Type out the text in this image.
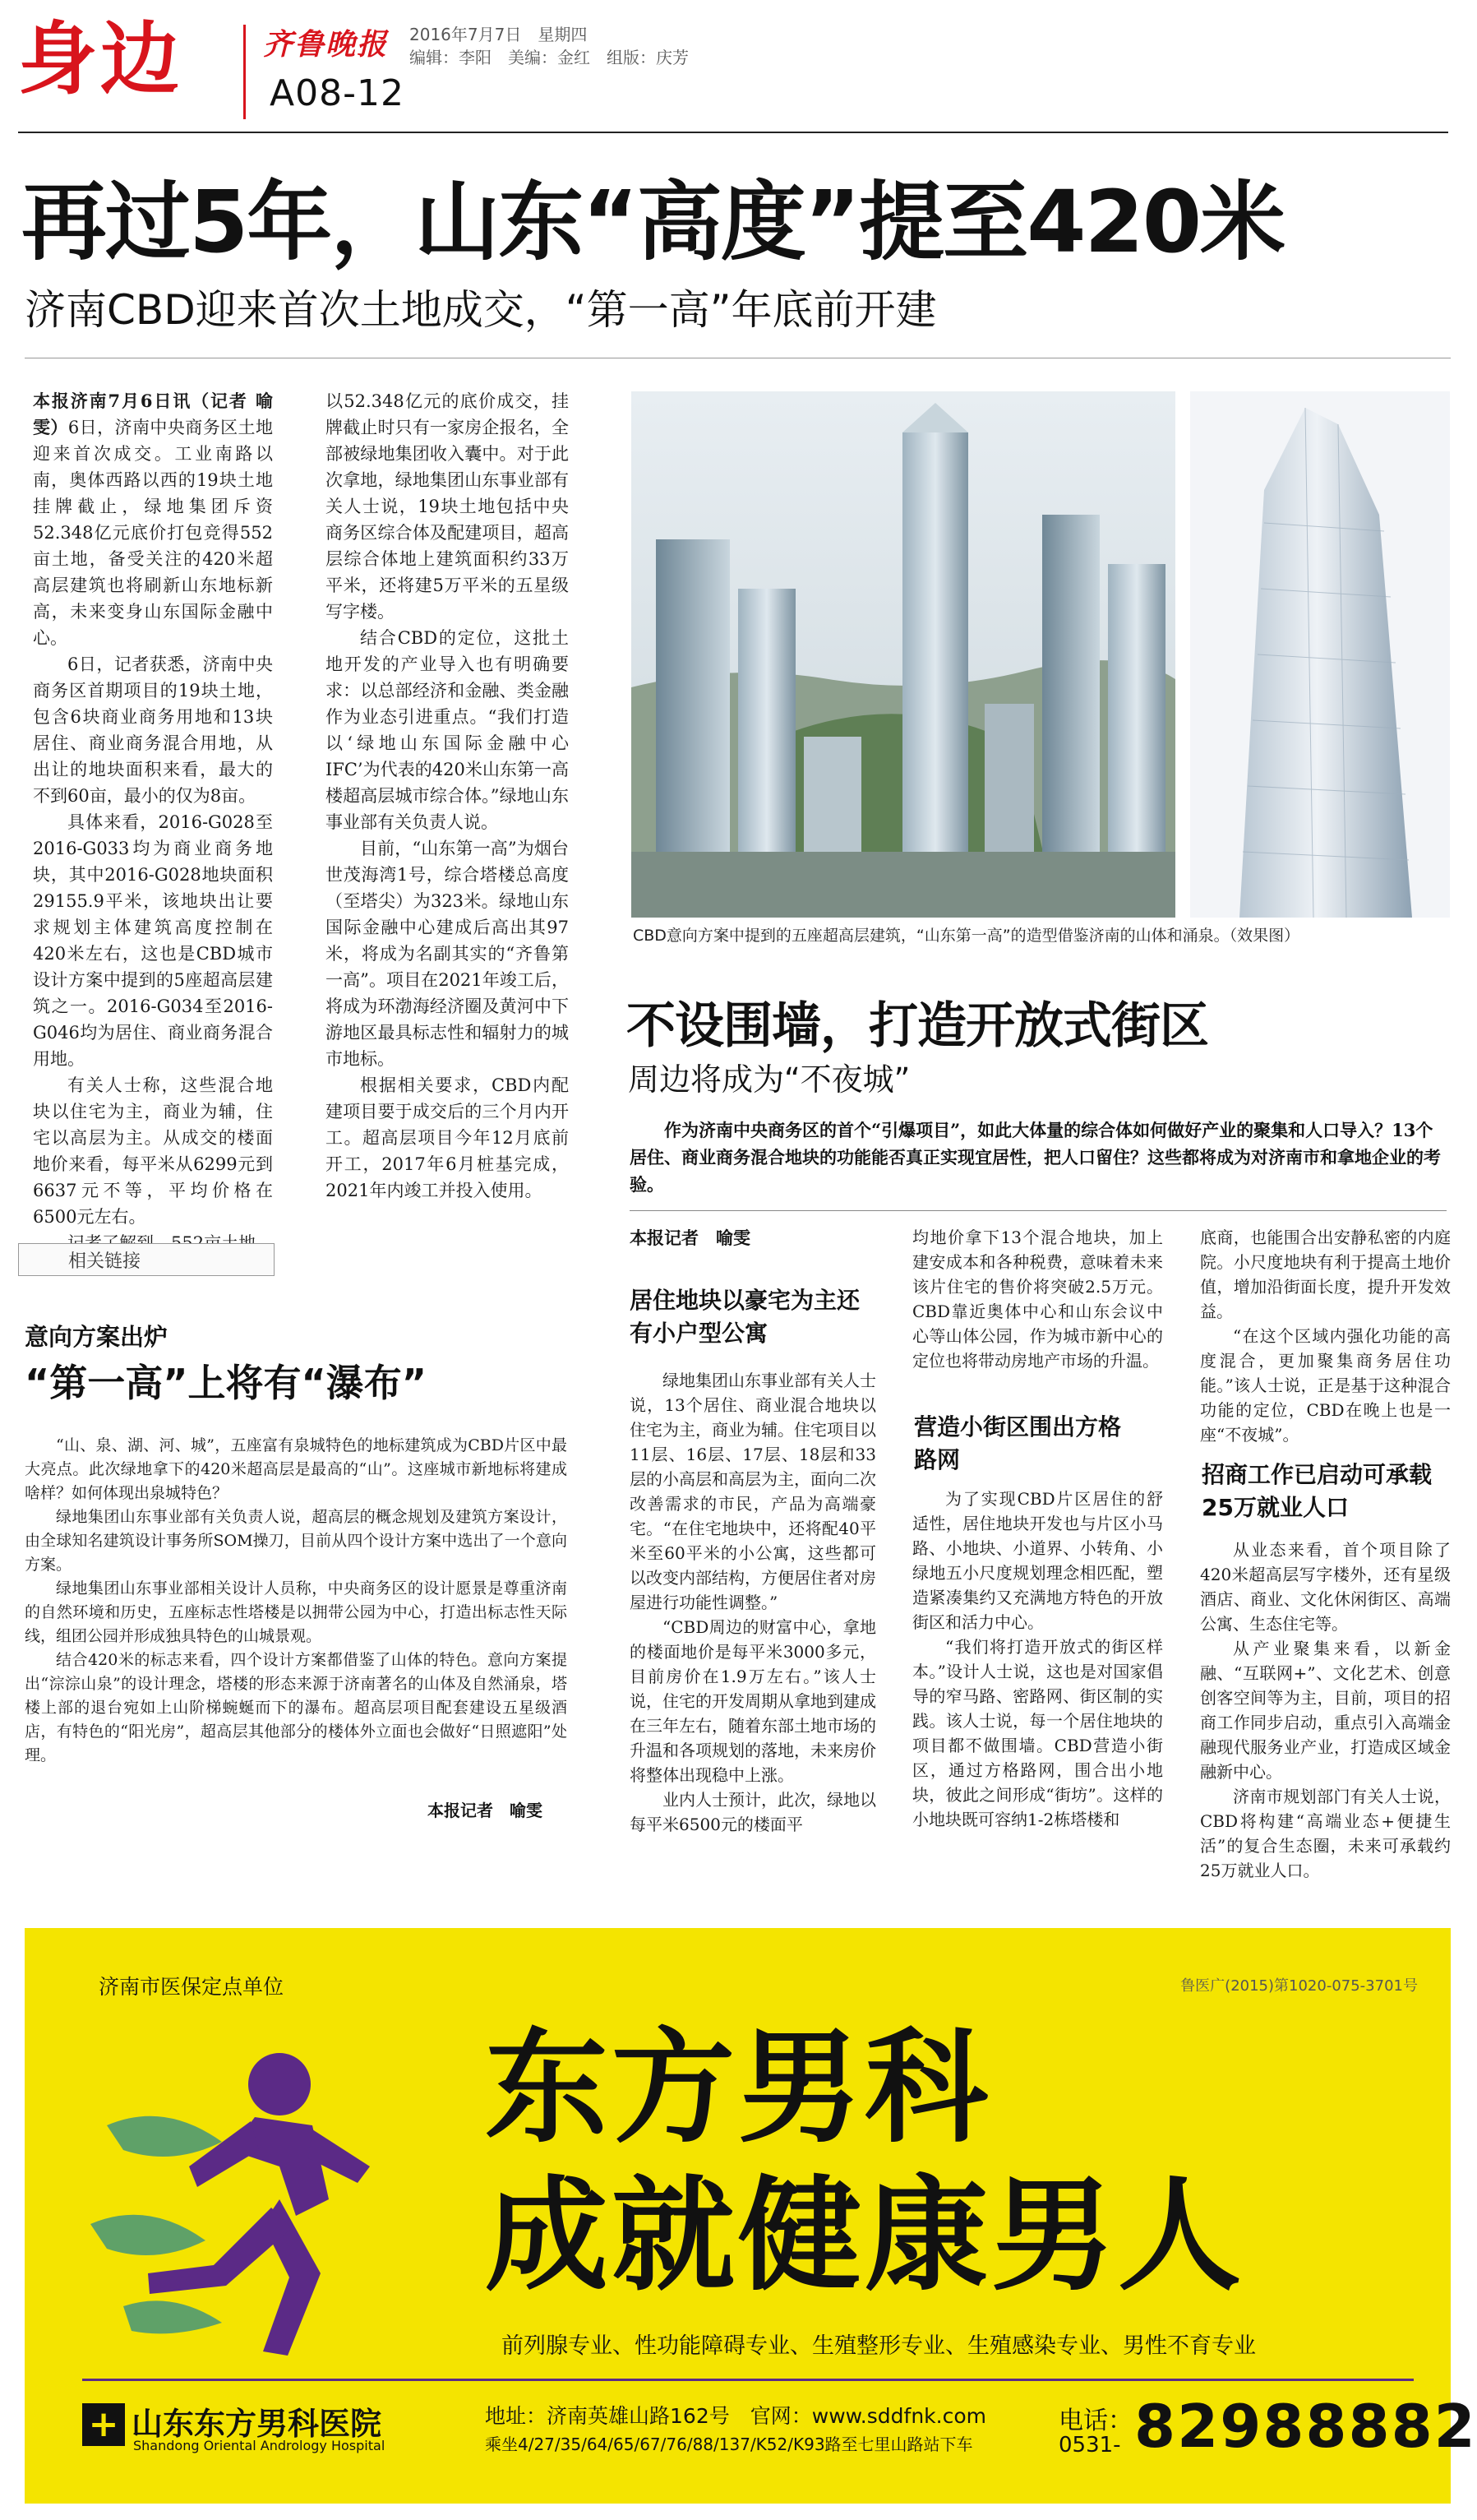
身边	齐鲁晚报
A08-12
2016年7月7日　 星期四
编辑：李阳　美编：金红　组版：庆芳
再过5年，山东“高度”提至420米
济南CBD迎来首次土地成交，“第一高”年底前开建

本报济南7月6日讯（记者 喻雯）6日，济南中央商务区土地迎来首次成交。工业南路以南，奥体西路以西的19块土地挂牌截止，绿地集团斥资52.348亿元底价打包竞得552亩土地，备受关注的420米超高层建筑也将刷新山东地标新高，未来变身山东国际金融中心。

6日，记者获悉，济南中央商务区首期项目的19块土地，包含6块商业商务用地和13块居住、商业商务混合用地，从出让的地块面积来看，最大的不到60亩，最小的仅为8亩。

具体来看，2016-G028至2016-G033均为商业商务地块，其中2016-G028地块面积29155.9平米，该地块出让要求规划主体建筑高度控制在420米左右，这也是CBD城市设计方案中提到的5座超高层建筑之一。2016-G034至2016-G046均为居住、商业商务混合用地。

有关人士称，这些混合地块以住宅为主，商业为辅，住宅以高层为主。从成交的楼面地价来看，每平米从6299元到6637元不等，平均价格在6500元左右。

以52.348亿元的底价成交，挂牌截止时只有一家房企报名，全部被绿地集团收入囊中。对于此次拿地，绿地集团山东事业部有关人士说，19块土地包括中央商务区综合体及配建项目，超高层综合体地上建筑面积约33万平米，还将建5万平米的五星级写字楼。

结合CBD的定位，这批土地开发的产业导入也有明确要求：以总部经济和金融、类金融作为业态引进重点。“我们打造以‘绿地山东国际金融中心IFC’为代表的420米山东第一高楼超高层城市综合体。”绿地山东事业部有关负责人说。

目前，“山东第一高”为烟台世茂海湾1号，综合塔楼总高度（至塔尖）为323米。绿地山东国际金融中心建成后高出其97米，将成为名副其实的“齐鲁第一高”。项目在2021年竣工后，将成为环渤海经济圈及黄河中下游地区最具标志性和辐射力的城市地标。

根据相关要求，CBD内配建项目要于成交后的三个月内开工。超高层项目今年12月底前开工，2017年6月桩基完成，2021年内竣工并投入使用。

CBD意向方案中提到的五座超高层建筑，“山东第一高”的造型借鉴济南的山体和涌泉。（效果图）
相关链接
意向方案出炉
“第一高”上将有“瀑布”

“山、泉、湖、河、城”，五座富有泉城特色的地标建筑成为CBD片区中最大亮点。此次绿地拿下的420米超高层是最高的“山”。这座城市新地标将建成啥样？如何体现出泉城特色？

绿地集团山东事业部有关负责人说，超高层的概念规划及建筑方案设计，由全球知名建筑设计事务所SOM操刀，目前从四个设计方案中选出了一个意向方案。

绿地集团山东事业部相关设计人员称，中央商务区的设计愿景是尊重济南的自然环境和历史，五座标志性塔楼是以拥带公园为中心，打造出标志性天际线，组团公园并形成独具特色的山城景观。

结合420米的标志来看，四个设计方案都借鉴了山体的特色。意向方案提出“淙淙山泉”的设计理念，塔楼的形态来源于济南著名的山体及自然涌泉，塔楼上部的退台宛如上山阶梯蜿蜒而下的瀑布。超高层项目配套建设五星级酒店，有特色的“阳光房”，超高层其他部分的楼体外立面也会做好“日照遮阳”处理。

本报记者　喻雯
不设围墙，打造开放式街区
周边将成为“不夜城”
作为济南中央商务区的首个“引爆项目”，如此大体量的综合体如何做好产业的聚集和人口导入？13个居住、商业商务混合地块的功能能否真正实现宜居性，把人口留住？这些都将成为对济南市和拿地企业的考验。
本报记者　喻雯
居住地块以豪宅为主还有小户型公寓

绿地集团山东事业部有关人士说，13个居住、商业混合地块以住宅为主，商业为辅。住宅项目以11层、16层、17层、18层和33层的小高层和高层为主，面向二次改善需求的市民，产品为高端豪宅。“在住宅地块中，还将配40平米至60平米的小公寓，这些都可以改变内部结构，方便居住者对房屋进行功能性调整。”

“CBD周边的财富中心，拿地的楼面地价是每平米3000多元，目前房价在1.9万左右。”该人士说，住宅的开发周期从拿地到建成在三年左右，随着东部土地市场的升温和各项规划的落地，未来房价将整体出现稳中上涨。

业内人士预计，此次，绿地以每平米6500元的楼面平

均地价拿下13个混合地块，加上建安成本和各种税费，意味着未来该片住宅的售价将突破2.5万元。CBD靠近奥体中心和山东会议中心等山体公园，作为城市新中心的定位也将带动房地产市场的升温。

营造小街区围出方格路网

为了实现CBD片区居住的舒适性，居住地块开发也与片区小马路、小地块、小道界、小转角、小绿地五小尺度规划理念相匹配，塑造紧凑集约又充满地方特色的开放街区和活力中心。

“我们将打造开放式的街区样本。”设计人士说，这也是对国家倡导的窄马路、密路网、街区制的实践。该人士说，每一个居住地块的项目都不做围墙。CBD营造小街区，通过方格路网，围合出小地块，彼此之间形成“街坊”。这样的小地块既可容纳1-2栋塔楼和

底商，也能围合出安静私密的内庭院。小尺度地块有利于提高土地价值，增加沿街面长度，提升开发效益。

“在这个区域内强化功能的高度混合，更加聚集商务居住功能。”该人士说，正是基于这种混合功能的定位，CBD在晚上也是一座“不夜城”。

招商工作已启动可承载25万就业人口

从业态来看，首个项目除了420米超高层写字楼外，还有星级酒店、商业、文化休闲街区、高端公寓、生态住宅等。

从产业聚集来看，以新金融、“互联网+”、文化艺术、创意创客空间等为主，目前，项目的招商工作同步启动，重点引入高端金融现代服务业产业，打造成区域金融新中心。

济南市规划部门有关人士说，CBD将构建“高端业态+便捷生活”的复合生态圈，未来可承载约25万就业人口。

济南市医保定点单位	鲁医广(2015)第1020-075-3701号
东方男科
成就健康男人
前列腺专业、性功能障碍专业、生殖整形专业、生殖感染专业、男性不育专业
+ 山东东方男科医院
Shandong Oriental Andrology Hospital
地址：济南英雄山路162号　 官网：www.sddfnk.com
乘坐4/27/35/64/65/67/76/88/137/K52/K93路至七里山路站下车
电话：
0531- 82988882
